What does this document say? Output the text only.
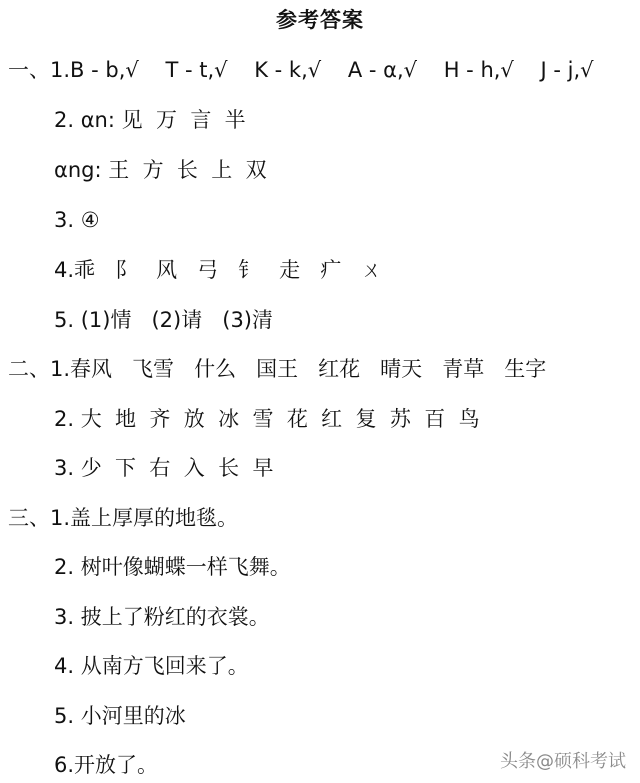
参考答案
一、1.B - b,√    T - t,√    K - k,√    A - α,√    H - h,√    J - j,√
2. αn: 见  万  言  半
αng: 王  方  长  上  双
3. ④
4.乖   阝   风   弓   钅   走   疒   ㄨ
5. (1)情   (2)请   (3)清
二、1.春风   飞雪   什么   国王   红花   晴天   青草   生字
2. 大  地  齐  放  冰  雪  花  红  复  苏  百  鸟
3. 少  下  右  入  长  早
三、1.盖上厚厚的地毯。
2. 树叶像蝴蝶一样飞舞。
3. 披上了粉红的衣裳。
4. 从南方飞回来了。
5. 小河里的冰
6.开放了。	头条@硕科考试
